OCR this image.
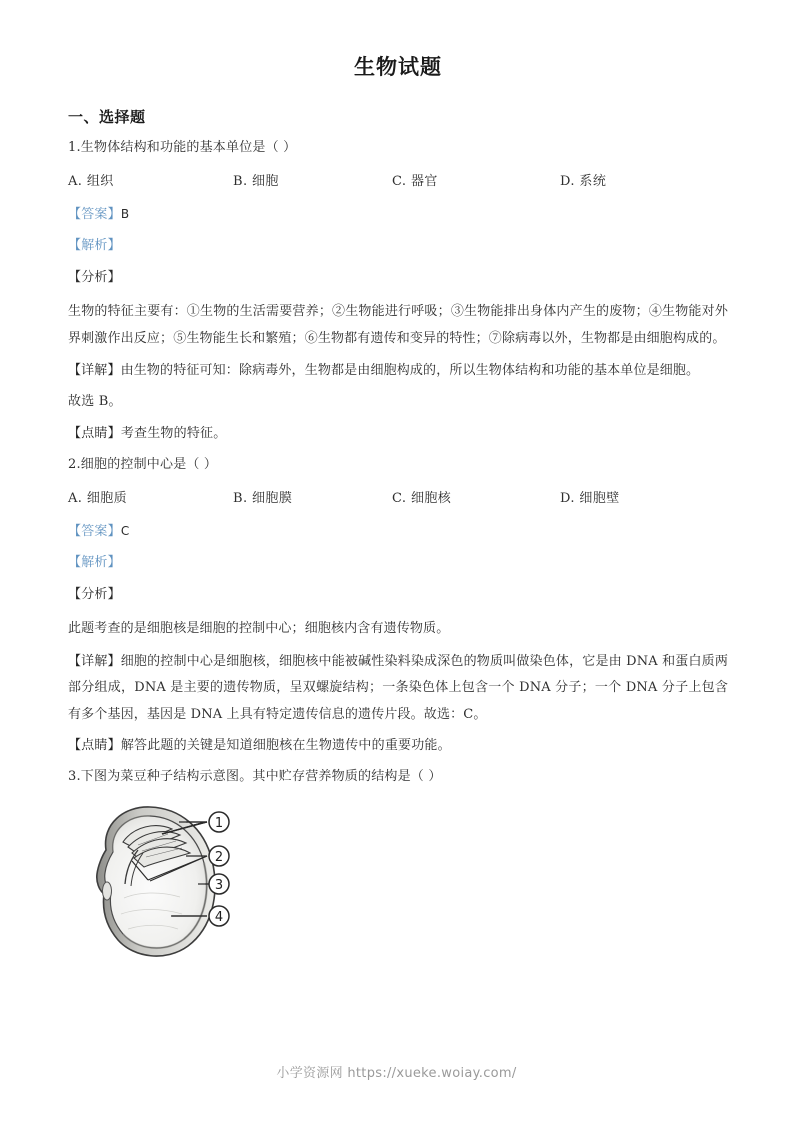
生物试题
一、选择题
1.生物体结构和功能的基本单位是（ ）
A. 组织	B. 细胞	C. 器官	D. 系统
【答案】B
【解析】
【分析】
生物的特征主要有：①生物的生活需要营养；②生物能进行呼吸；③生物能排出身体内产生的废物；④生物能对外界刺激作出反应；⑤生物能生长和繁殖；⑥生物都有遗传和变异的特性；⑦除病毒以外，生物都是由细胞构成的。
【详解】由生物的特征可知：除病毒外，生物都是由细胞构成的，所以生物体结构和功能的基本单位是细胞。
故选 B。
【点睛】考查生物的特征。
2.细胞的控制中心是（ ）
A. 细胞质	B. 细胞膜	C. 细胞核	D. 细胞壁
【答案】C
【解析】
【分析】
此题考查的是细胞核是细胞的控制中心；细胞核内含有遗传物质。
【详解】细胞的控制中心是细胞核，细胞核中能被碱性染料染成深色的物质叫做染色体，它是由 DNA 和蛋白质两部分组成，DNA 是主要的遗传物质，呈双螺旋结构；一条染色体上包含一个 DNA 分子；一个 DNA 分子上包含有多个基因，基因是 DNA 上具有特定遗传信息的遗传片段。故选：C。
【点睛】解答此题的关键是知道细胞核在生物遗传中的重要功能。
3.下图为菜豆种子结构示意图。其中贮存营养物质的结构是（ ）
1
2
3
4
小学资源网 https://xueke.woiay.com/
